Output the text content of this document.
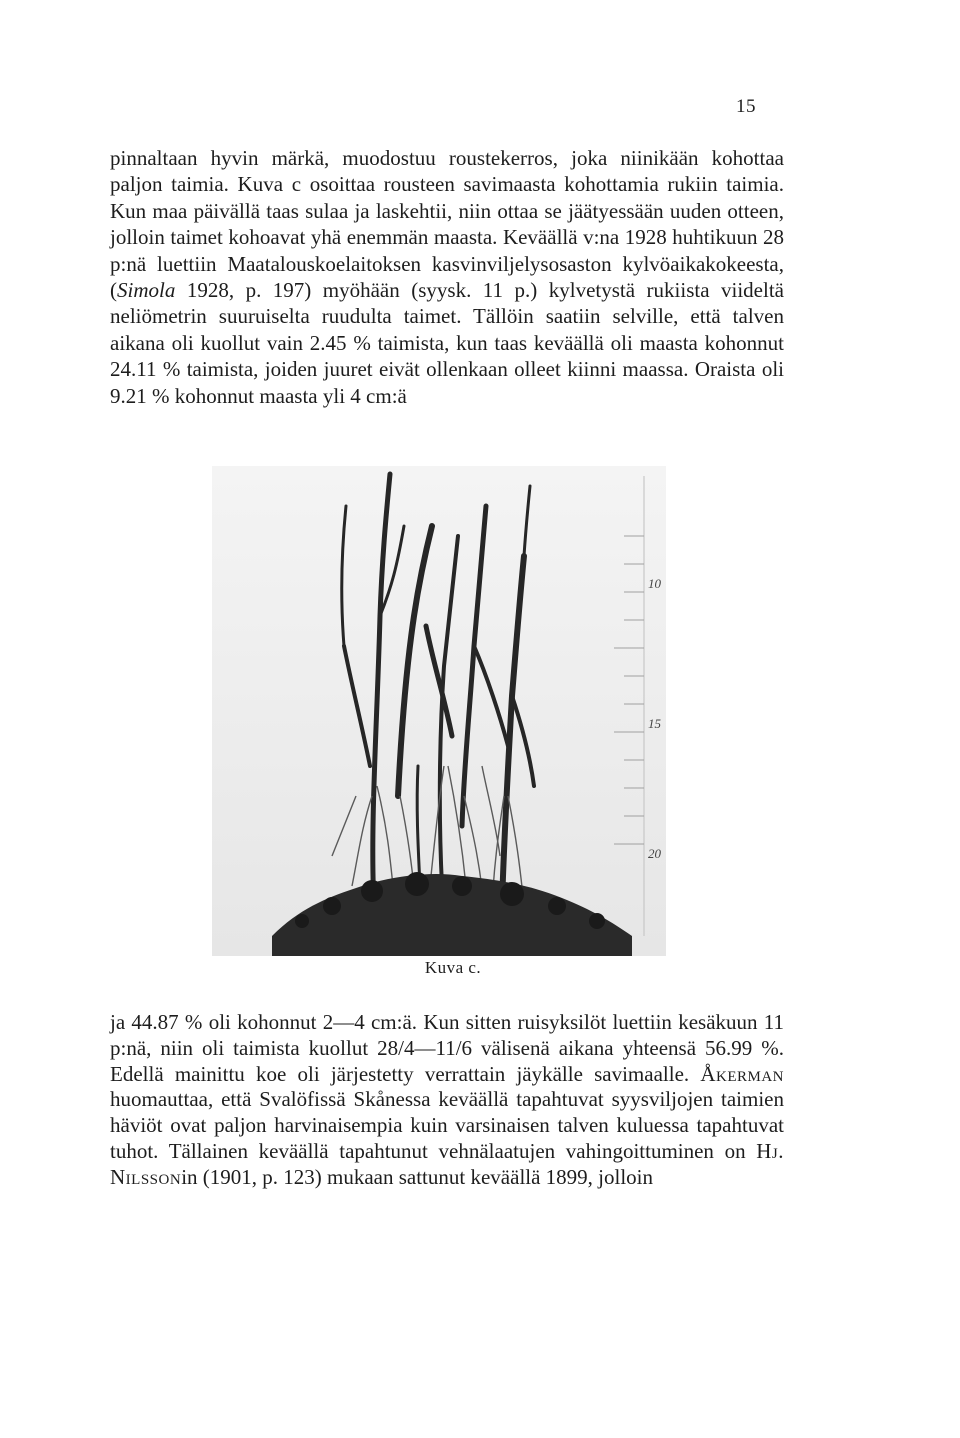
15

pinnaltaan hyvin märkä, muodostuu roustekerros, joka niinikään kohottaa paljon taimia. Kuva c osoittaa rousteen savimaasta kohottamia rukiin taimia. Kun maa päivällä taas sulaa ja laskehtii, niin ottaa se jäätyessään uuden otteen, jolloin taimet kohoavat yhä enemmän maasta. Keväällä v:na 1928 huhtikuun 28 p:nä luettiin Maatalouskoelaitoksen kasvinviljelysosaston kylvöaikakokeesta, (Simola 1928, p. 197) myöhään (syysk. 11 p.) kylvetystä rukiista viideltä neliömetrin suuruiselta ruudulta taimet. Tällöin saatiin selville, että talven aikana oli kuollut vain 2.45 % taimista, kun taas keväällä oli maasta kohonnut 24.11 % taimista, joiden juuret eivät ollenkaan olleet kiinni maassa. Oraista oli 9.21 % kohonnut maasta yli 4 cm:ä

10
15
20
Kuva c.

ja 44.87 % oli kohonnut 2—4 cm:ä. Kun sitten ruisyksilöt luettiin kesäkuun 11 p:nä, niin oli taimista kuollut 28/4—11/6 välisenä aikana yhteensä 56.99 %. Edellä mainittu koe oli järjestetty verrattain jäykälle savimaalle. Åkerman huomauttaa, että Svalöfissä Skånessa keväällä tapahtuvat syysviljojen taimien häviöt ovat paljon harvinaisempia kuin varsinaisen talven kuluessa tapahtuvat tuhot. Tällainen keväällä tapahtunut vehnälaatujen vahingoittuminen on Hj. Nilssonin (1901, p. 123) mukaan sattunut keväällä 1899, jolloin
